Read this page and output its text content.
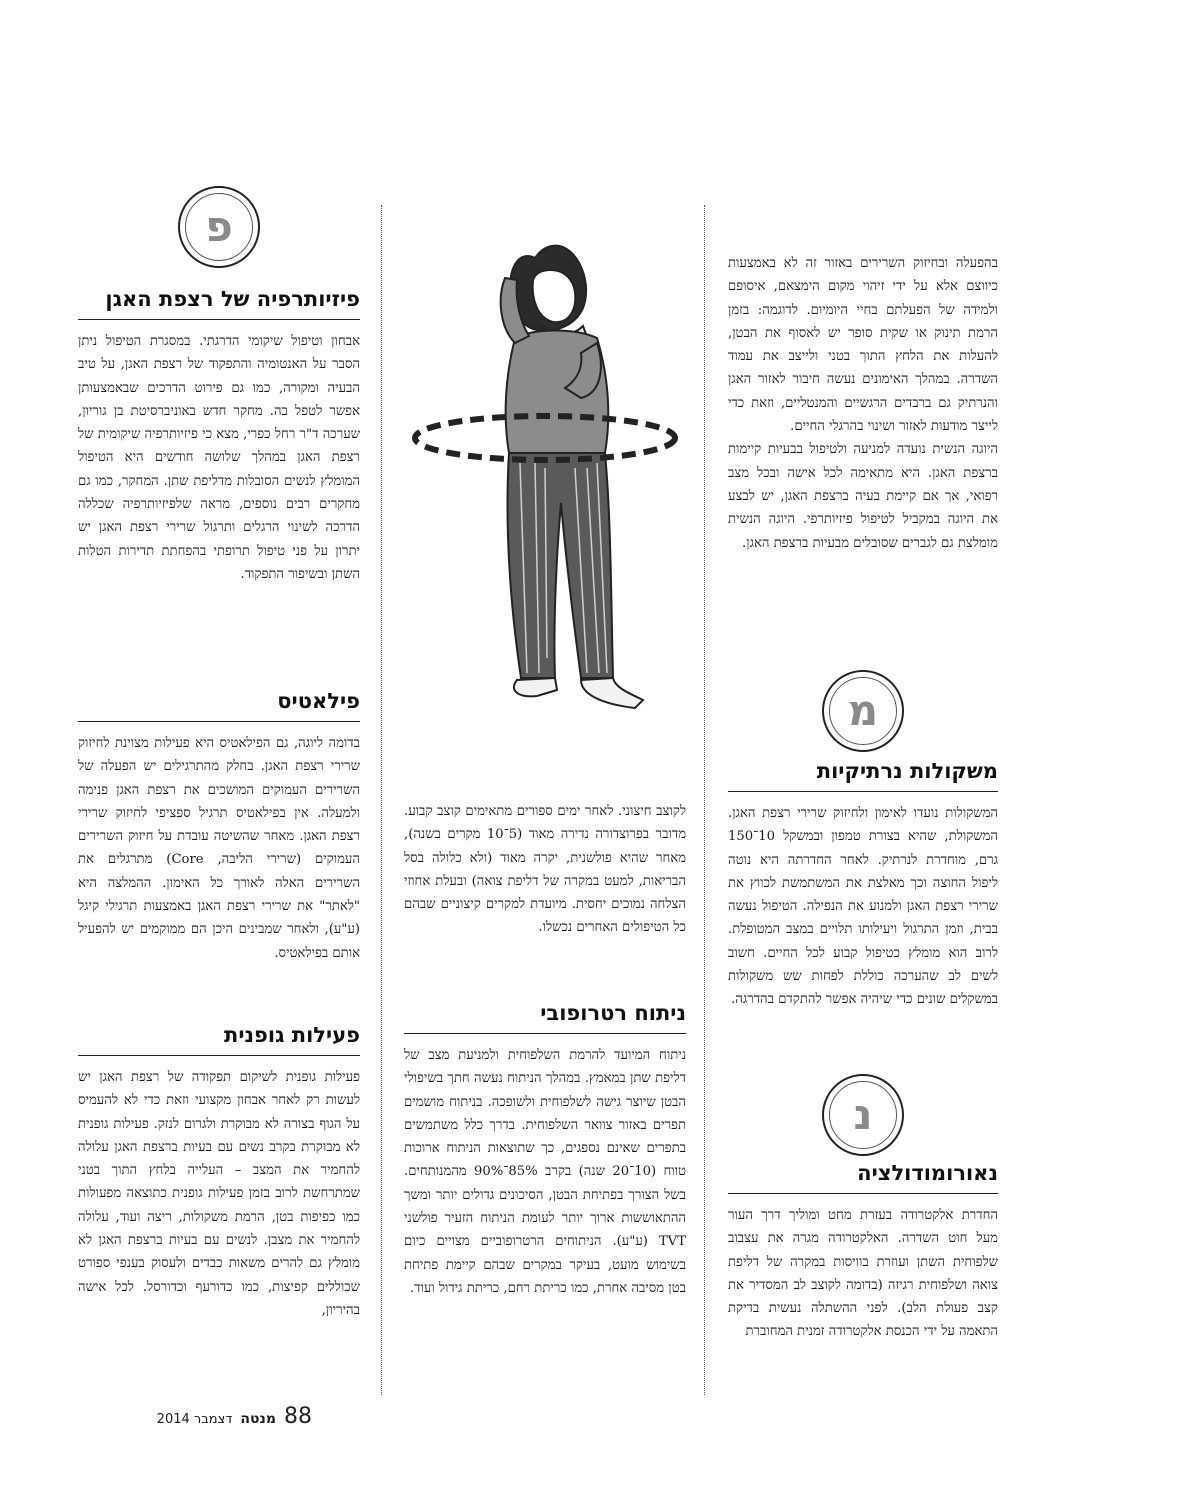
בהפעלה ובחיזוק השרירים באזור זה לא באמצעות כיווצם אלא על ידי זיהוי מקום הימצאם, איסופם ולמידה של הפעלתם בחיי היומיום. לדוגמה: בזמן הרמת תינוק או שקית סופר יש לאסוף את הבטן, להעלות את הלחץ התוך בטני ולייצב את עמוד השדרה. במהלך האימונים נעשה חיבור לאזור האגן והנרתיק גם ברבדים הרגשיים והמנטליים, וזאת כדי לייצר מודעות לאזור ושינוי בהרגלי החיים.
היוגה הנשית נועדה למניעה ולטיפול בבעיות קיימות ברצפת האגן. היא מתאימה לכל אישה ובכל מצב רפואי, אך אם קיימת בעיה ברצפת האגן, יש לבצע את היוגה במקביל לטיפול פיזיותרפי. היוגה הנשית מומלצת גם לגברים שסובלים מבעיות ברצפת האגן.
מ
משקולות נרתיקיות
המשקולות נועדו לאימון ולחיזוק שרירי רצפת האגן. המשקולת, שהיא בצורת טמפון ובמשקל 10־150 גרם, מוחדרת לנרתיק. לאחר החדרתה היא נוטה ליפול החוצה וכך מאלצת את המשתמשת לכווץ את שרירי רצפת האגן ולמנוע את הנפילה. הטיפול נעשה בבית, וזמן התרגול ויעילותו תלויים במצב המטופלת. לרוב הוא מומלץ כטיפול קבוע לכל החיים. חשוב לשים לב שהערכה כוללת לפחות שש משקולות במשקלים שונים כדי שיהיה אפשר להתקדם בהדרגה.
נ
נאורומודולציה
החדרת אלקטרודה בעזרת מחט ומוליך דרך העור מעל חוט השדרה. האלקטרודה מגרה את עצבוב שלפוחית השתן ועוזרת בוויסות במקרה של דליפת צואה ושלפוחית רגיזה (בדומה לקוצב לב המסדיר את קצב פעולת הלב). לפני ההשתלה נעשית בדיקת התאמה על ידי הכנסת אלקטרודה זמנית המחוברת
לקוצב חיצוני. לאחר ימים ספורים מתאימים קוצב קבוע. מדובר בפרוצדורה נדירה מאוד (5־10 מקרים בשנה), מאחר שהיא פולשנית, יקרה מאוד (ולא כלולה בסל הבריאות, למעט במקרה של דליפת צואה) ובעלת אחוזי הצלחה נמוכים יחסית. מיועדת למקרים קיצוניים שבהם כל הטיפולים האחרים נכשלו.
ניתוח רטרופובי
ניתוח המיועד להרמת השלפוחית ולמניעת מצב של דליפת שתן במאמץ. במהלך הניתוח נעשה חתך בשיפולי הבטן שיוצר גישה לשלפוחית ולשופכה. בניתוח מושמים תפרים באזור צוואר השלפוחית. בדרך כלל משתמשים בתפרים שאינם נספגים, כך שתוצאות הניתוח ארוכות טווח (10־20 שנה) בקרב 85%־90% מהמנותחים. בשל הצורך בפתיחת הבטן, הסיכונים גדולים יותר ומשך ההתאוששות ארוך יותר לעומת הניתוח הזעיר פולשני TVT (ע"ע). הניתוחים הרטרופוביים מצויים כיום בשימוש מועט, בעיקר במקרים שבהם קיימת פתיחת בטן מסיבה אחרת, כמו כריתת רחם, כריתת גידול ועוד.
פ
פיזיותרפיה של רצפת האגן
אבחון וטיפול שיקומי הדרגתי. במסגרת הטיפול ניתן הסבר על האנטומיה והתפקוד של רצפת האגן, על טיב הבעיה ומקורה, כמו גם פירוט הדרכים שבאמצעותן אפשר לטפל בה. מחקר חדש באוניברסיטת בן גוריון, שערכה ד"ר רחל כפרי, מצא כי פיזיותרפיה שיקומית של רצפת האגן במהלך שלושה חודשים היא הטיפול המומלץ לנשים הסובלות מדליפת שתן. המחקר, כמו גם מחקרים רבים נוספים, מראה שלפיזיותרפיה שכללה הדרכה לשינוי הרגלים ותרגול שרירי רצפת האגן יש יתרון על פני טיפול תרופתי בהפחתת תדירות הטלות השתן ובשיפור התפקוד.
פילאטיס
בדומה ליוגה, גם הפילאטיס היא פעילות מצוינת לחיזוק שרירי רצפת האגן. בחלק מהתרגילים יש הפעלה של השרירים העמוקים המושכים את רצפת האגן פנימה ולמעלה. אין בפילאטיס תרגיל ספציפי לחיזוק שרירי רצפת האגן. מאחר שהשיטה עובדת על חיזוק השרירים העמוקים (שרירי הליבה, Core) מתרגלים את השרירים האלה לאורך כל האימון. ההמלצה היא "לאתר" את שרירי רצפת האגן באמצעות תרגילי קיגל (ע"ע), ולאחר שמבינים היכן הם ממוקמים יש להפעיל אותם בפילאטיס.
פעילות גופנית
פעילות גופנית לשיקום תפקודה של רצפת האגן יש לעשות רק לאחר אבחון מקצועי וזאת כדי לא להעמיס על הגוף בצורה לא מבוקרת ולגרום לנזק. פעילות גופנית לא מבוקרת בקרב נשים עם בעיות ברצפת האגן עלולה להחמיר את המצב – העלייה בלחץ התוך בטני שמתרחשת לרוב בזמן פעילות גופנית כתוצאה מפעולות כמו כפיפות בטן, הרמת משקולות, ריצה ועוד, עלולה להחמיר את מצבן. לנשים עם בעיות ברצפת האגן לא מומלץ גם להרים משאות כבדים ולעסוק בענפי ספורט שכוללים קפיצות, כמו כדורעף וכדורסל. לכל אישה בהיריון,
88
מנטה
דצמבר 2014
